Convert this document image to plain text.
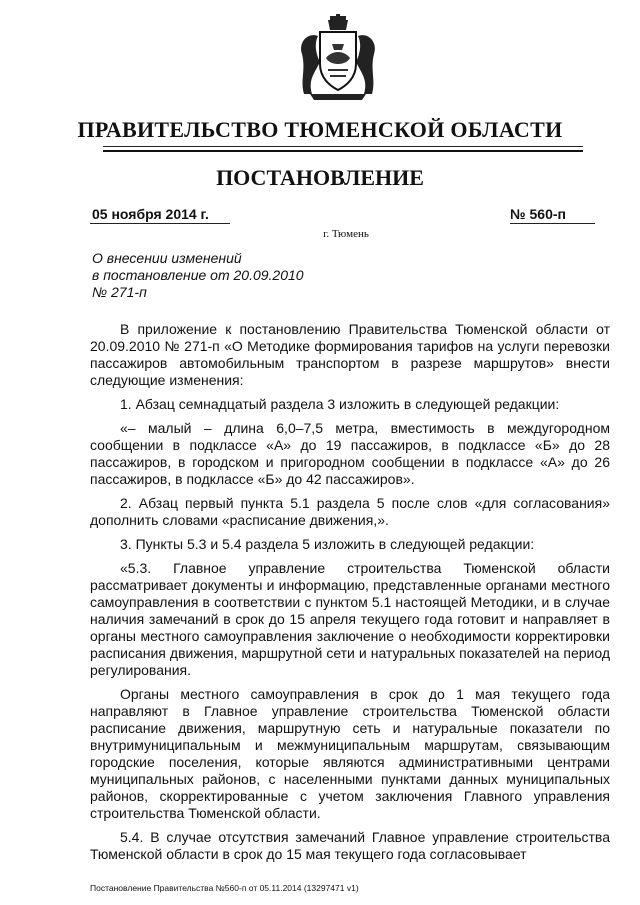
ПРАВИТЕЛЬСТВО ТЮМЕНСКОЙ ОБЛАСТИ
ПОСТАНОВЛЕНИЕ
05 ноября 2014 г.	№ 560-п
г. Тюмень
О внесении изменений
в постановление от 20.09.2010
№ 271-п

В приложение к постановлению Правительства Тюменской области от 20.09.2010 № 271-п «О Методике формирования тарифов на услуги перевозки пассажиров автомобильным транспортом в разрезе маршрутов» внести следующие изменения:

1. Абзац семнадцатый раздела 3 изложить в следующей редакции:

«– малый – длина 6,0–7,5 метра, вместимость в междугородном сообщении в подклассе «А» до 19 пассажиров, в подклассе «Б» до 28 пассажиров, в городском и пригородном сообщении в подклассе «А» до 26 пассажиров, в подклассе «Б» до 42 пассажиров».

2. Абзац первый пункта 5.1 раздела 5 после слов «для согласования» дополнить словами «расписание движения,».

3. Пункты 5.3 и 5.4 раздела 5 изложить в следующей редакции:

«5.3. Главное управление строительства Тюменской области рассматривает документы и информацию, представленные органами местного самоуправления в соответствии с пунктом 5.1 настоящей Методики, и в случае наличия замечаний в срок до 15 апреля текущего года готовит и направляет в органы местного самоуправления заключение о необходимости корректировки расписания движения, маршрутной сети и натуральных показателей на период регулирования.

Органы местного самоуправления в срок до 1 мая текущего года направляют в Главное управление строительства Тюменской области расписание движения, маршрутную сеть и натуральные показатели по внутримуниципальным и межмуниципальным маршрутам, связывающим городские поселения, которые являются административными центрами муниципальных районов, с населенными пунктами данных муниципальных районов, скорректированные с учетом заключения Главного управления строительства Тюменской области.

5.4. В случае отсутствия замечаний Главное управление строительства Тюменской области в срок до 15 мая текущего года согласовывает

Постановление Правительства №560-п от 05.11.2014 (13297471 v1)
